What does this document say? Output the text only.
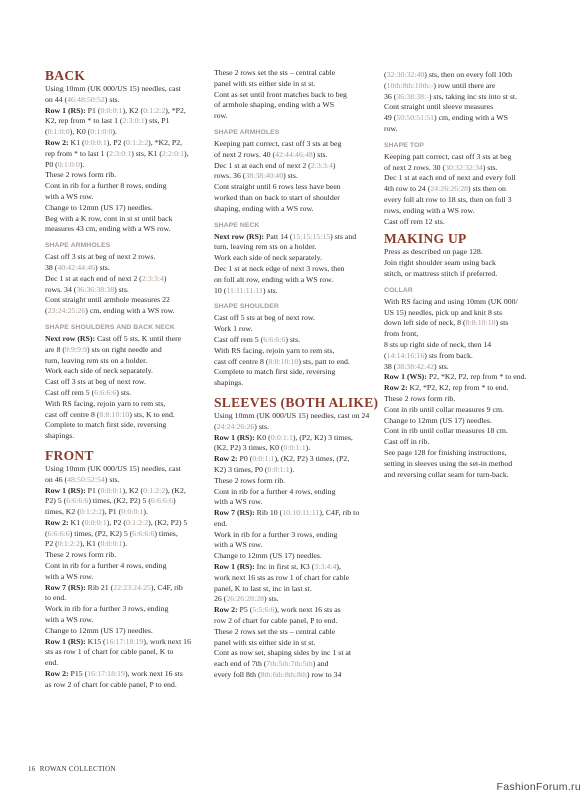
BACK

Using 10mm (UK 000/US 15) needles, cast

on 44 (46:48:50:52) sts.

Row 1 (RS): P1 (0:0:0:1), K2 (0:1:2:2), *P2,

K2, rep from * to last 1 (2:3:0:1) sts, P1

(0:1:0:0), K0 (0:1:0:0).

Row 2: K1 (0:0:0:1), P2 (0:1:2:2), *K2, P2,

rep from * to last 1 (2:3:0:1) sts, K1 (2:2:0:1),

P0 (0:1:0:0).

These 2 rows form rib.

Cont in rib for a further 8 rows, ending

with a WS row.

Change to 12mm (US 17) needles.

Beg with a K row, cont in st st until back

measures 43 cm, ending with a WS row.

SHAPE ARMHOLES

Cast off 3 sts at beg of next 2 rows.

38 (40:42:44:46) sts.

Dec 1 st at each end of next 2 (2:3:3:4)

rows. 34 (36:36:38:38) sts.

Cont straight until armhole measures 22

(23:24:25:26) cm, ending with a WS row.

SHAPE SHOULDERS AND BACK NECK

Next row (RS): Cast off 5 sts, K until there

are 8 (9:9:9:9) sts on right needle and

turn, leaving rem sts on a holder.

Work each side of neck separately.

Cast off 3 sts at beg of next row.

Cast off rem 5 (6:6:6:6) sts.

With RS facing, rejoin yarn to rem sts,

cast off centre 8 (8:8:10:10) sts, K to end.

Complete to match first side, reversing

shapings.

FRONT

Using 10mm (UK 000/US 15) needles, cast

on 46 (48:50:52:54) sts.

Row 1 (RS): P1 (0:0:0:1), K2 (0:1:2:2), (K2,

P2) 5 (6:6:6:6) times, (K2, P2) 5 (6:6:6:6)

times, K2 (0:1:2:2), P1 (0:0:0:1).

Row 2: K1 (0:0:0:1), P2 (0:1:2:2), (K2, P2) 5

(6:6:6:6) times, (P2, K2) 5 (6:6:6:6) times,

P2 (0:1:2:2), K1 (0:0:0:1).

These 2 rows form rib.

Cont in rib for a further 4 rows, ending

with a WS row.

Row 7 (RS): Rib 21 (22:23:24:25), C4F, rib

to end.

Work in rib for a further 3 rows, ending

with a WS row.

Change to 12mm (US 17) needles.

Row 1 (RS): K15 (16:17:18:19), work next 16

sts as row 1 of chart for cable panel, K to

end.

Row 2: P15 (16:17:18:19), work next 16 sts

as row 2 of chart for cable panel, P to end.

These 2 rows set the sts – central cable

panel with sts either side in st st.

Cont as set until front matches back to beg

of armhole shaping, ending with a WS

row.

SHAPE ARMHOLES

Keeping patt correct, cast off 3 sts at beg

of next 2 rows. 40 (42:44:46:48) sts.

Dec 1 st at each end of next 2 (2:3:3:4)

rows. 36 (38:38:40:40) sts.

Cont straight until 6 rows less have been

worked than on back to start of shoulder

shaping, ending with a WS row.

SHAPE NECK

Next row (RS): Patt 14 (15:15:15:15) sts and

turn, leaving rem sts on a holder.

Work each side of neck separately.

Dec 1 st at neck edge of next 3 rows, then

on foll alt row, ending with a WS row.

10 (11:11:11:11) sts.

SHAPE SHOULDER

Cast off 5 sts at beg of next row.

Work 1 row.

Cast off rem 5 (6:6:6:6) sts.

With RS facing, rejoin yarn to rem sts,

cast off centre 8 (8:8:10:10) sts, patt to end.

Complete to match first side, reversing

shapings.

SLEEVES (BOTH ALIKE)

Using 10mm (UK 000/US 15) needles, cast on 24

(24:24:26:26) sts.

Row 1 (RS): K0 (0:0:1:1), (P2, K2) 3 times,

(K2, P2) 3 times, K0 (0:0:1:1).

Row 2: P0 (0:0:1:1), (K2, P2) 3 times, (P2,

K2) 3 times, P0 (0:0:1:1).

These 2 rows form rib.

Cont in rib for a further 4 rows, ending

with a WS row.

Row 7 (RS): Rib 10 (10:10:11:11), C4F, rib to

end.

Work in rib for a further 3 rows, ending

with a WS row.

Change to 12mm (US 17) needles.

Row 1 (RS): Inc in first st, K3 (3:3:4:4),

work next 16 sts as row 1 of chart for cable

panel, K to last st, inc in last st.

26 (26:26:28:28) sts.

Row 2: P5 (5:5:6:6), work next 16 sts as

row 2 of chart for cable panel, P to end.

These 2 rows set the sts – central cable

panel with sts either side in st st.

Cont as now set, shaping sides by inc 1 st at

each end of 7th (7th:5th:7th:5th) and

every foll 8th (8th:6th:8th:8th) row to 34

(32:30:32:40) sts, then on every foll 10th

(10th:8th:10th:-) row until there are

36 (36:38:38:-) sts, taking inc sts into st st.

Cont straight until sleeve measures

49 (50:50:51:51) cm, ending with a WS

row.

SHAPE TOP

Keeping patt correct, cast off 3 sts at beg

of next 2 rows. 30 (30:32:32:34) sts.

Dec 1 st at each end of next and every foll

4th row to 24 (24:26:26:28) sts then on

every foll alt row to 18 sts, then on foll 3

rows, ending with a WS row.

Cast off rem 12 sts.

MAKING UP

Press as described on page 128.

Join right shoulder seam using back

stitch, or mattress stitch if preferred.

COLLAR

With RS facing and using 10mm (UK 000/

US 15) needles, pick up and knit 8 sts

down left side of neck, 8 (8:8:10:10) sts

from front,

8 sts up right side of neck, then 14

(14:14:16:16) sts from back.

38 (38:38:42:42) sts.

Row 1 (WS): P2, *K2, P2, rep from * to end.

Row 2: K2, *P2, K2, rep from * to end.

These 2 rows form rib.

Cont in rib until collar measures 9 cm.

Change to 12mm (US 17) needles.

Cont in rib until collar measures 18 cm.

Cast off in rib.

See page 128 for finishing instructions,

setting in sleeves using the set-in method

and reversing collar seam for turn-back.

16 ROWAN COLLECTION
FashionForum.ru
